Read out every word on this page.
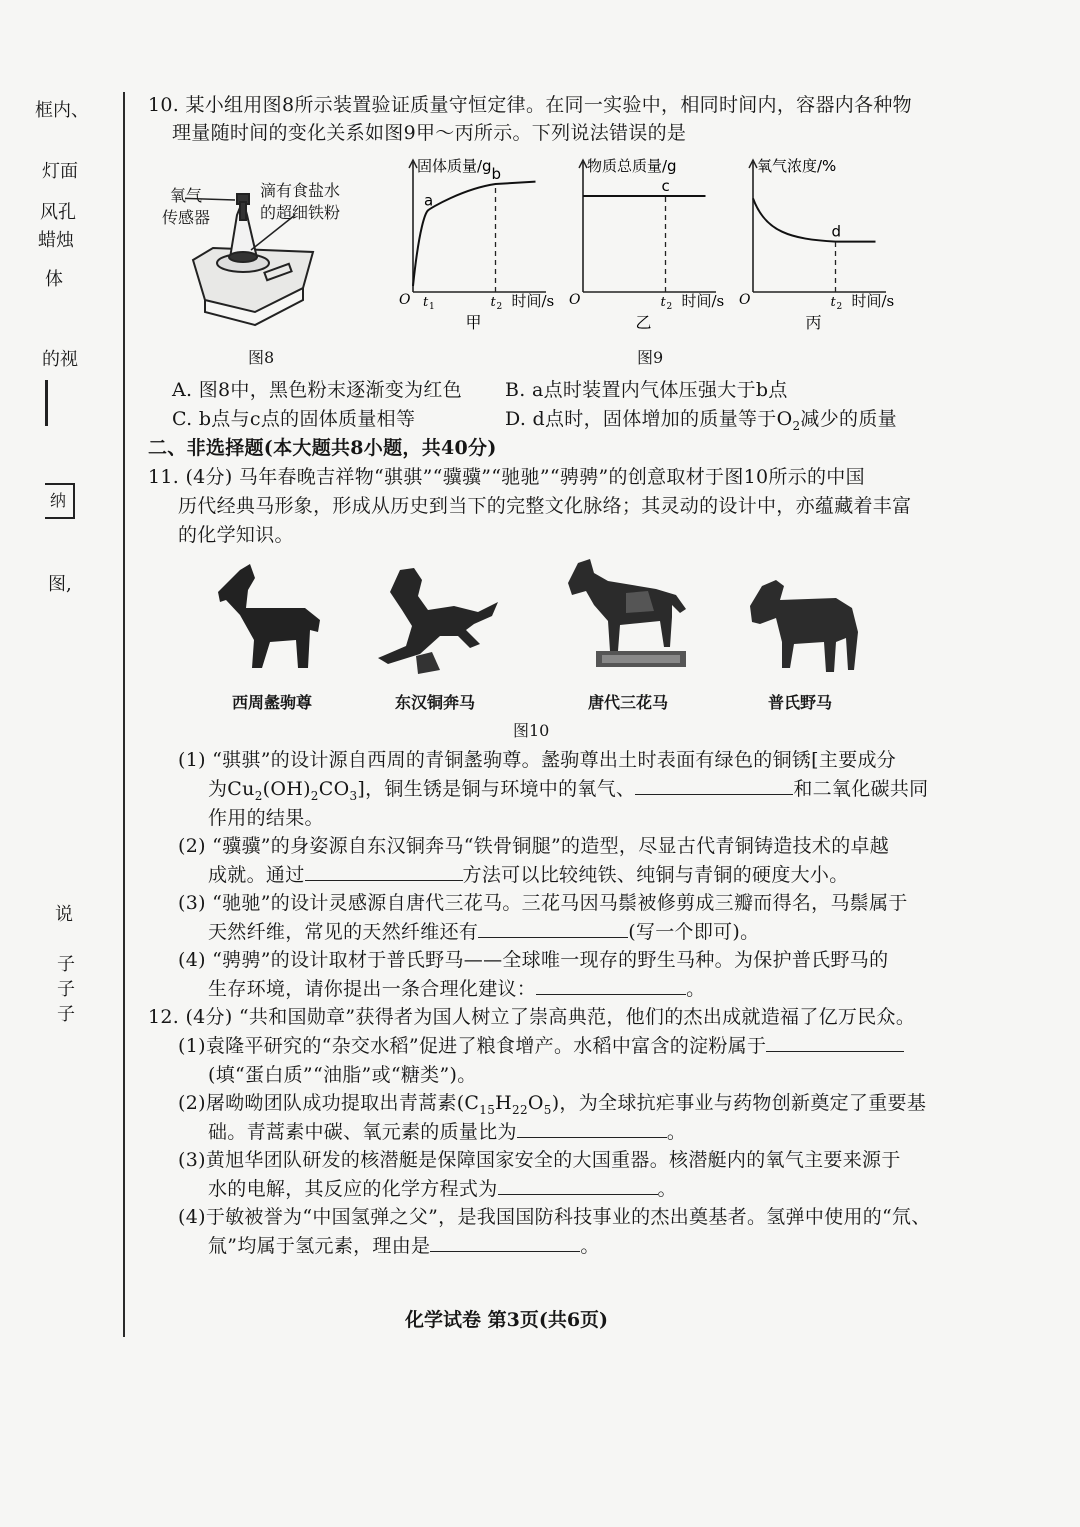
框内、
灯面
风孔
蜡烛
体
的视
纳
图,
说
子
子
子
10. 某小组用图8所示装置验证质量守恒定律。在同一实验中，相同时间内，容器内各种物
理量随时间的变化关系如图9甲～丙所示。下列说法错误的是
氧气
传感器
滴有食盐水
的超细铁粉
图8
固体质量/g
O	时间/s
t 1	t 2
a
b
甲
物质总质量/g
O	时间/s
t 2
c
乙
氧气浓度/%
O	时间/s
t 2
d
丙
图9
A. 图8中，黑色粉末逐渐变为红色 B. a点时装置内气体压强大于b点
C. b点与c点的固体质量相等	D. d点时，固体增加的质量等于$O_2$减少的质量
二、非选择题(本大题共8小题，共40分)
11. (4分) 马年春晚吉祥物“骐骐”“骥骥”“驰驰”“骋骋”的创意取材于图10所示的中国
历代经典马形象，形成从历史到当下的完整文化脉络；其灵动的设计中，亦蕴藏着丰富
的化学知识。
西周盠驹尊	东汉铜奔马	唐代三花马	普氏野马
图10
(1) “骐骐”的设计源自西周的青铜盠驹尊。盠驹尊出土时表面有绿色的铜锈[主要成分
为$Cu_2(OH)_2CO_3$]，铜生锈是铜与环境中的氧气、	和二氧化碳共同
作用的结果。
(2) “骥骥”的身姿源自东汉铜奔马“铁骨铜腿”的造型，尽显古代青铜铸造技术的卓越
成就。通过	方法可以比较纯铁、纯铜与青铜的硬度大小。
(3) “驰驰”的设计灵感源自唐代三花马。三花马因马鬃被修剪成三瓣而得名，马鬃属于
天然纤维，常见的天然纤维还有	(写一个即可)。
(4) “骋骋”的设计取材于普氏野马——全球唯一现存的野生马种。为保护普氏野马的
生存环境，请你提出一条合理化建议：	。
12. (4分) “共和国勋章”获得者为国人树立了崇高典范，他们的杰出成就造福了亿万民众。
(1)袁隆平研究的“杂交水稻”促进了粮食增产。水稻中富含的淀粉属于
(填“蛋白质”“油脂”或“糖类”)。
(2)屠呦呦团队成功提取出青蒿素$(C_{15}H_{22}O_5)$，为全球抗疟事业与药物创新奠定了重要基
础。青蒿素中碳、氧元素的质量比为	。
(3)黄旭华团队研发的核潜艇是保障国家安全的大国重器。核潜艇内的氧气主要来源于
水的电解，其反应的化学方程式为	。
(4)于敏被誉为“中国氢弹之父”，是我国国防科技事业的杰出奠基者。氢弹中使用的“氘、
氚”均属于氢元素，理由是	。
化学试卷 第3页(共6页)
